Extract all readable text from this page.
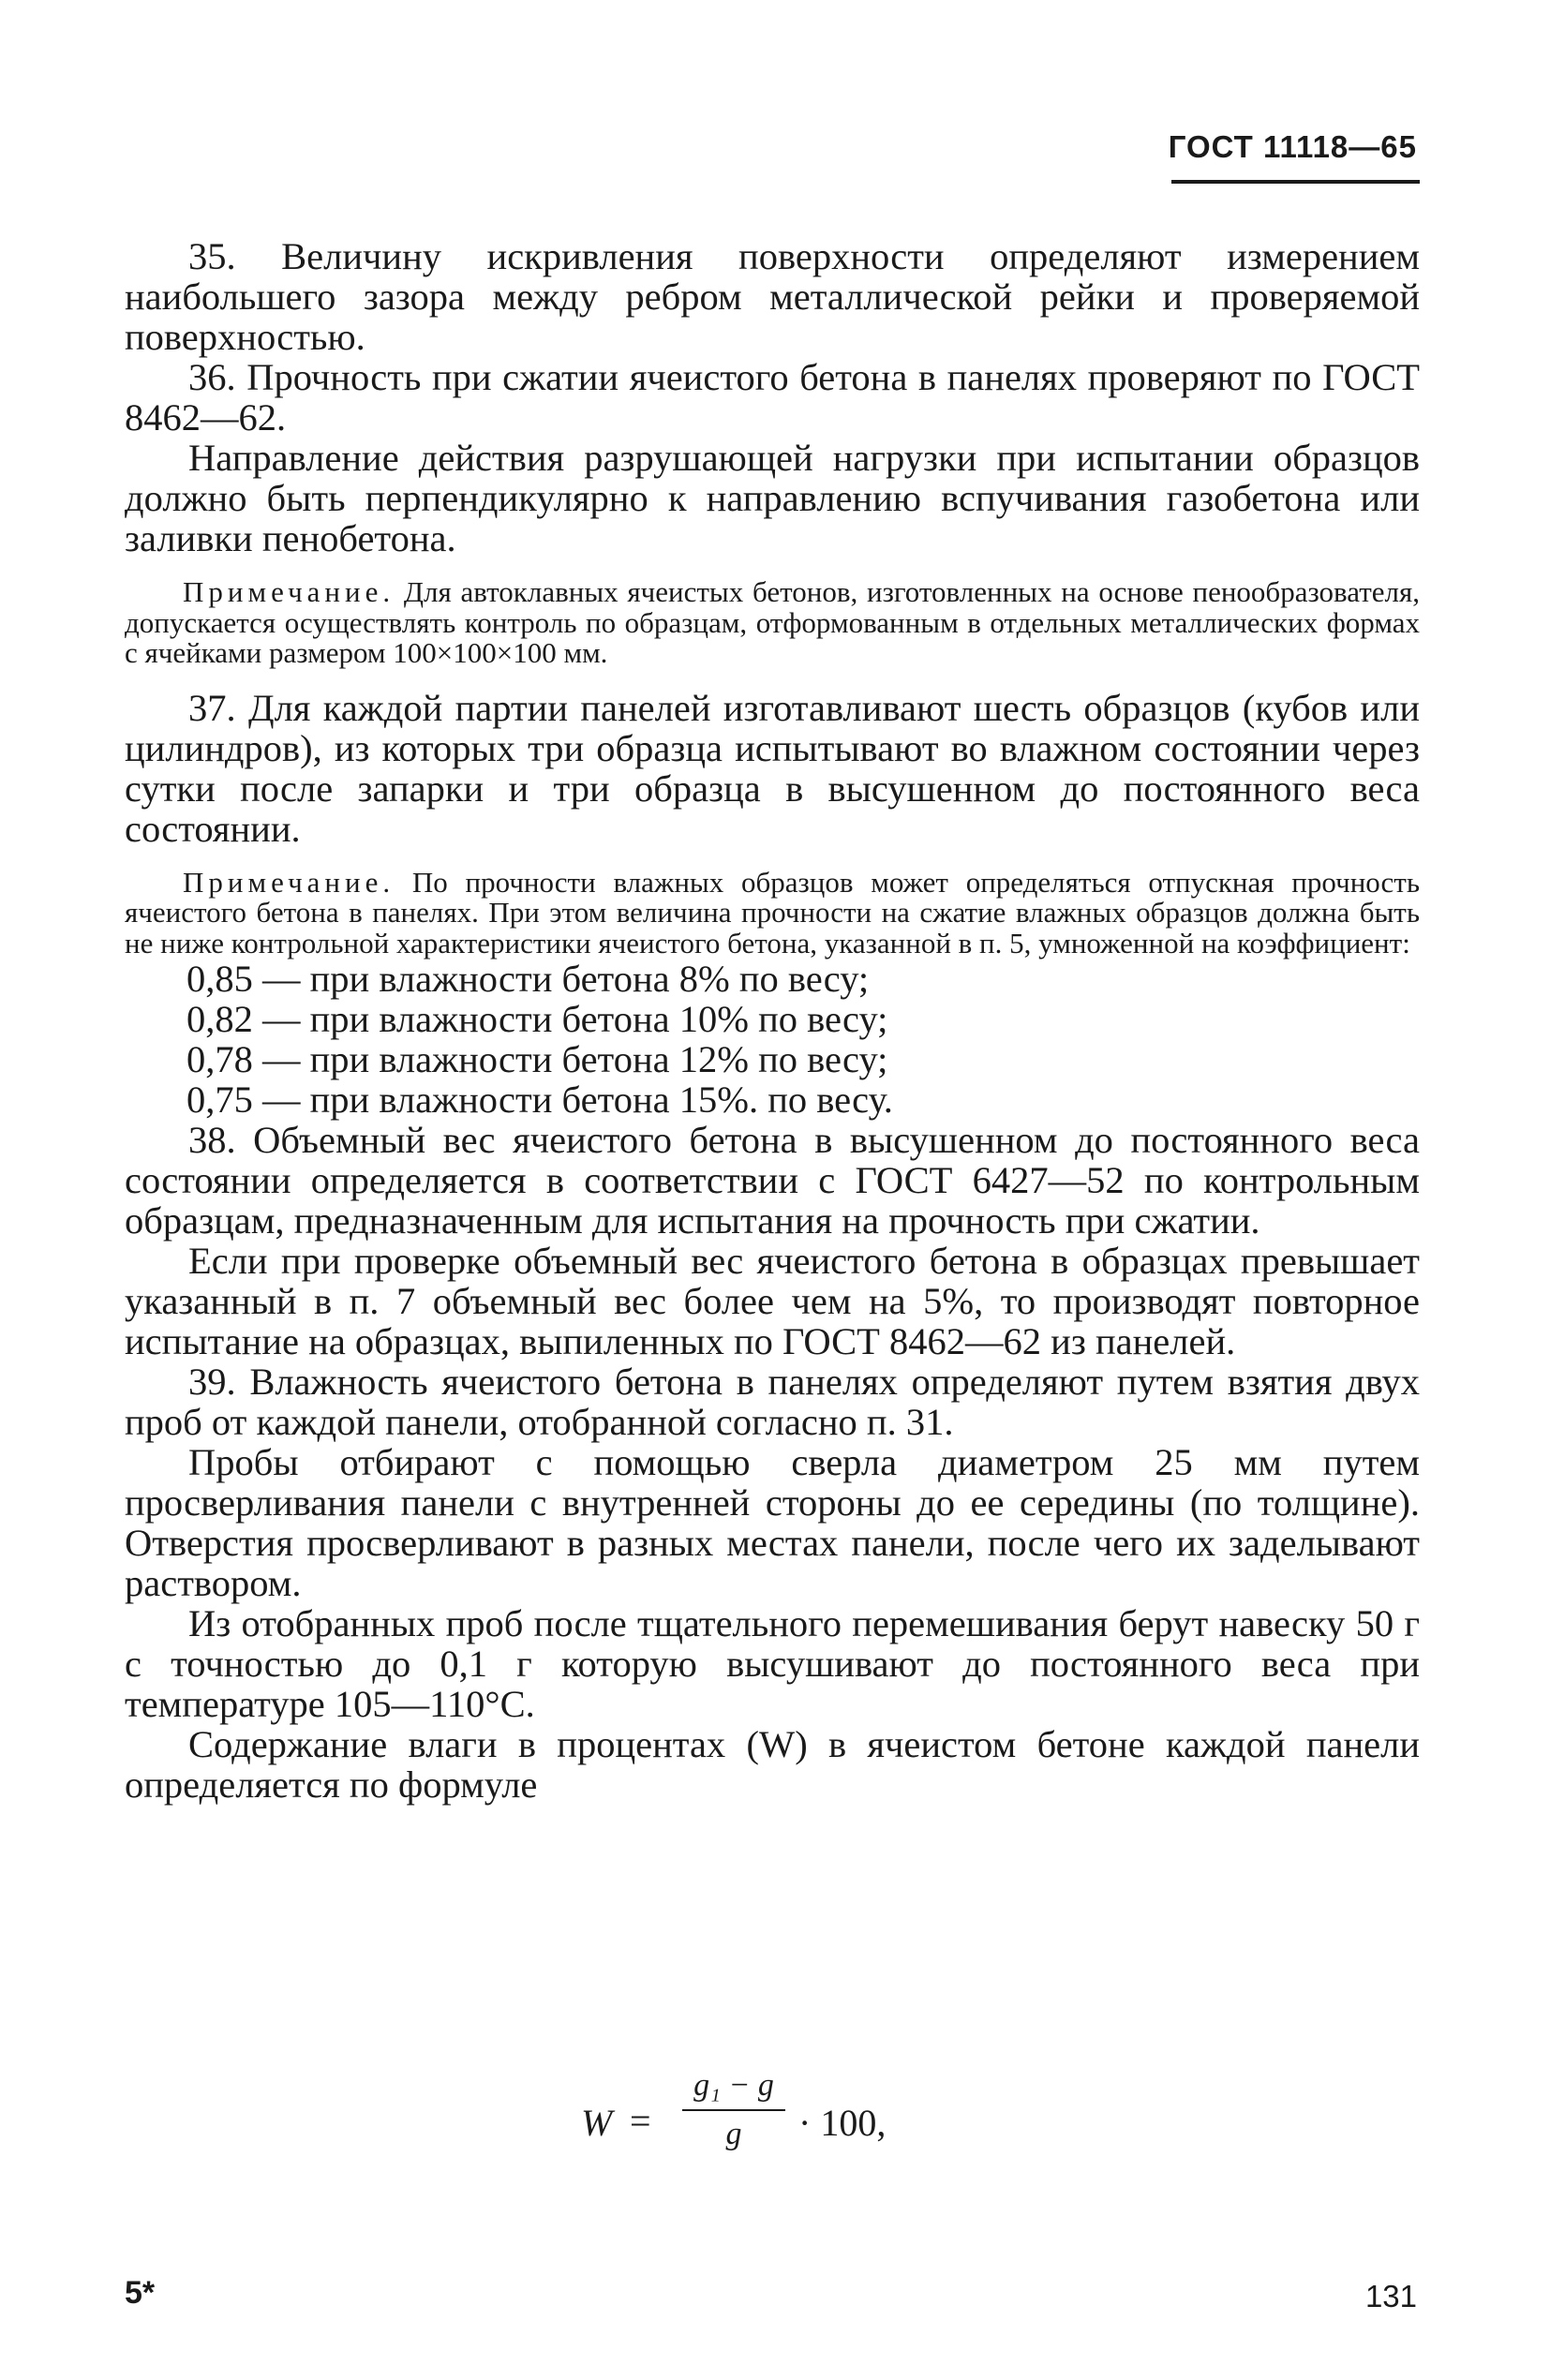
ГОСТ 11118—65

35. Величину искривления поверхности определяют измерением наибольшего зазора между ребром металлической рейки и проверяемой поверхностью.

36. Прочность при сжатии ячеистого бетона в панелях проверяют по ГОСТ 8462—62.

Направление действия разрушающей нагрузки при испытании образцов должно быть перпендикулярно к направлению вспучивания газобетона или заливки пенобетона.

Примечание. Для автоклавных ячеистых бетонов, изготовленных на основе пенообразователя, допускается осуществлять контроль по образцам, отформованным в отдельных металлических формах с ячейками размером 100×100×100 мм.

37. Для каждой партии панелей изготавливают шесть образцов (кубов или цилиндров), из которых три образца испытывают во влажном состоянии через сутки после запарки и три образца в высушенном до постоянного веса состоянии.

Примечание. По прочности влажных образцов может определяться отпускная прочность ячеистого бетона в панелях. При этом величина прочности на сжатие влажных образцов должна быть не ниже контрольной характеристики ячеистого бетона, указанной в п. 5, умноженной на коэффициент:

0,85 — при влажности бетона 8% по весу;
0,82 — при влажности бетона 10% по весу;
0,78 — при влажности бетона 12% по весу;
0,75 — при влажности бетона 15%. по весу.

38. Объемный вес ячеистого бетона в высушенном до постоянного веса состоянии определяется в соответствии с ГОСТ 6427—52 по контрольным образцам, предназначенным для испытания на прочность при сжатии.

Если при проверке объемный вес ячеистого бетона в образцах превышает указанный в п. 7 объемный вес более чем на 5%, то производят повторное испытание на образцах, выпиленных по ГОСТ 8462—62 из панелей.

39. Влажность ячеистого бетона в панелях определяют путем взятия двух проб от каждой панели, отобранной согласно п. 31.

Пробы отбирают с помощью сверла диаметром 25 мм путем просверливания панели с внутренней стороны до ее середины (по толщине). Отверстия просверливают в разных местах панели, после чего их заделывают раствором.

Из отобранных проб после тщательного перемешивания берут навеску 50 г с точностью до 0,1 г которую высушивают до постоянного веса при температуре 105—110°С.

Содержание влаги в процентах (W) в ячеистом бетоне каждой панели определяется по формуле

W =
g₁ − g
g	· 100,
5*	131
